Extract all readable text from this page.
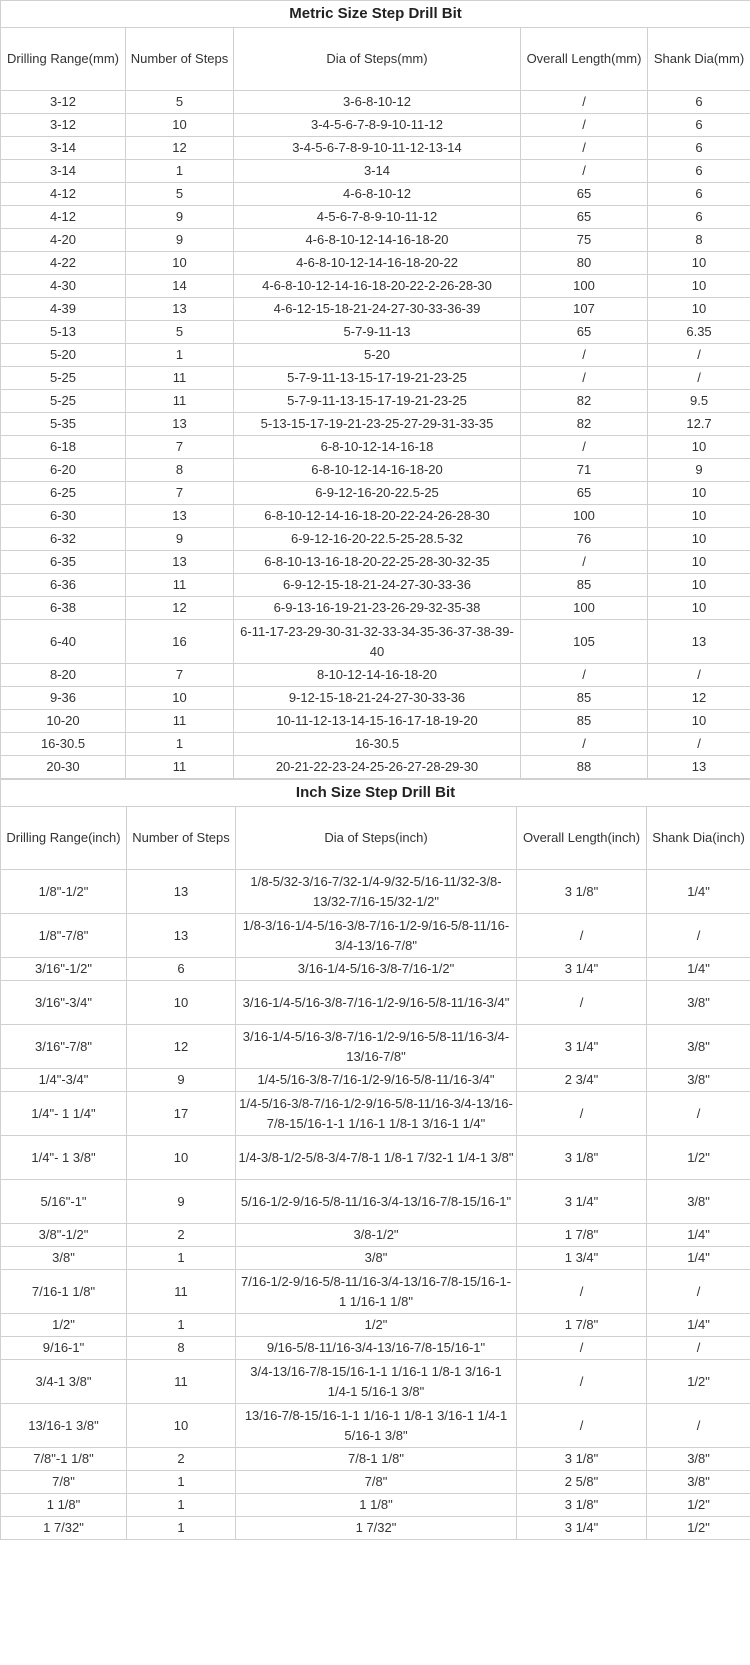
Metric Size Step Drill Bit				
Drilling Range(mm)	Number of Steps	Dia of Steps(mm)	Overall Length(mm)	Shank Dia(mm)
3-12	5	3-6-8-10-12	/	6
3-12	10	3-4-5-6-7-8-9-10-11-12	/	6
3-14	12	3-4-5-6-7-8-9-10-11-12-13-14	/	6
3-14	1	3-14	/	6
4-12	5	4-6-8-10-12	65	6
4-12	9	4-5-6-7-8-9-10-11-12	65	6
4-20	9	4-6-8-10-12-14-16-18-20	75	8
4-22	10	4-6-8-10-12-14-16-18-20-22	80	10
4-30	14	4-6-8-10-12-14-16-18-20-22-2-26-28-30	100	10
4-39	13	4-6-12-15-18-21-24-27-30-33-36-39	107	10
5-13	5	5-7-9-11-13	65	6.35
5-20	1	5-20	/	/
5-25	11	5-7-9-11-13-15-17-19-21-23-25	/	/
5-25	11	5-7-9-11-13-15-17-19-21-23-25	82	9.5
5-35	13	5-13-15-17-19-21-23-25-27-29-31-33-35	82	12.7
6-18	7	6-8-10-12-14-16-18	/	10
6-20	8	6-8-10-12-14-16-18-20	71	9
6-25	7	6-9-12-16-20-22.5-25	65	10
6-30	13	6-8-10-12-14-16-18-20-22-24-26-28-30	100	10
6-32	9	6-9-12-16-20-22.5-25-28.5-32	76	10
6-35	13	6-8-10-13-16-18-20-22-25-28-30-32-35	/	10
6-36	11	6-9-12-15-18-21-24-27-30-33-36	85	10
6-38	12	6-9-13-16-19-21-23-26-29-32-35-38	100	10
6-40	16	6-11-17-23-29-30-31-32-33-34-35-36-37-38-39-40	105	13
8-20	7	8-10-12-14-16-18-20	/	/
9-36	10	9-12-15-18-21-24-27-30-33-36	85	12
10-20	11	10-11-12-13-14-15-16-17-18-19-20	85	10
16-30.5	1	16-30.5	/	/
20-30	11	20-21-22-23-24-25-26-27-28-29-30	88	13
Inch Size Step Drill Bit				
Drilling Range(inch)	Number of Steps	Dia of Steps(inch)	Overall Length(inch)	Shank Dia(inch)
1/8"-1/2"	13	1/8-5/32-3/16-7/32-1/4-9/32-5/16-11/32-3/8-13/32-7/16-15/32-1/2"	3 1/8"	1/4"
1/8"-7/8"	13	1/8-3/16-1/4-5/16-3/8-7/16-1/2-9/16-5/8-11/16-3/4-13/16-7/8"	/	/
3/16"-1/2"	6	3/16-1/4-5/16-3/8-7/16-1/2"	3 1/4"	1/4"
3/16"-3/4"	10	3/16-1/4-5/16-3/8-7/16-1/2-9/16-5/8-11/16-3/4"	/	3/8"
3/16"-7/8"	12	3/16-1/4-5/16-3/8-7/16-1/2-9/16-5/8-11/16-3/4-13/16-7/8"	3 1/4"	3/8"
1/4"-3/4"	9	1/4-5/16-3/8-7/16-1/2-9/16-5/8-11/16-3/4"	2 3/4"	3/8"
1/4"- 1 1/4"	17	1/4-5/16-3/8-7/16-1/2-9/16-5/8-11/16-3/4-13/16-7/8-15/16-1-1 1/16-1 1/8-1 3/16-1 1/4"	/	/
1/4"- 1 3/8"	10	1/4-3/8-1/2-5/8-3/4-7/8-1 1/8-1 7/32-1 1/4-1 3/8"	3 1/8"	1/2"
5/16"-1"	9	5/16-1/2-9/16-5/8-11/16-3/4-13/16-7/8-15/16-1"	3 1/4"	3/8"
3/8"-1/2"	2	3/8-1/2"	1 7/8"	1/4"
3/8"	1	3/8"	1 3/4"	1/4"
7/16-1 1/8"	11	7/16-1/2-9/16-5/8-11/16-3/4-13/16-7/8-15/16-1-1 1/16-1 1/8"	/	/
1/2"	1	1/2"	1 7/8"	1/4"
9/16-1"	8	9/16-5/8-11/16-3/4-13/16-7/8-15/16-1"	/	/
3/4-1 3/8"	11	3/4-13/16-7/8-15/16-1-1 1/16-1 1/8-1 3/16-1 1/4-1 5/16-1 3/8"	/	1/2"
13/16-1 3/8"	10	13/16-7/8-15/16-1-1 1/16-1 1/8-1 3/16-1 1/4-1 5/16-1 3/8"	/	/
7/8"-1 1/8"	2	7/8-1 1/8"	3 1/8"	3/8"
7/8"	1	7/8"	2 5/8"	3/8"
1 1/8"	1	1 1/8"	3 1/8"	1/2"
1 7/32"	1	1 7/32"	3 1/4"	1/2"
